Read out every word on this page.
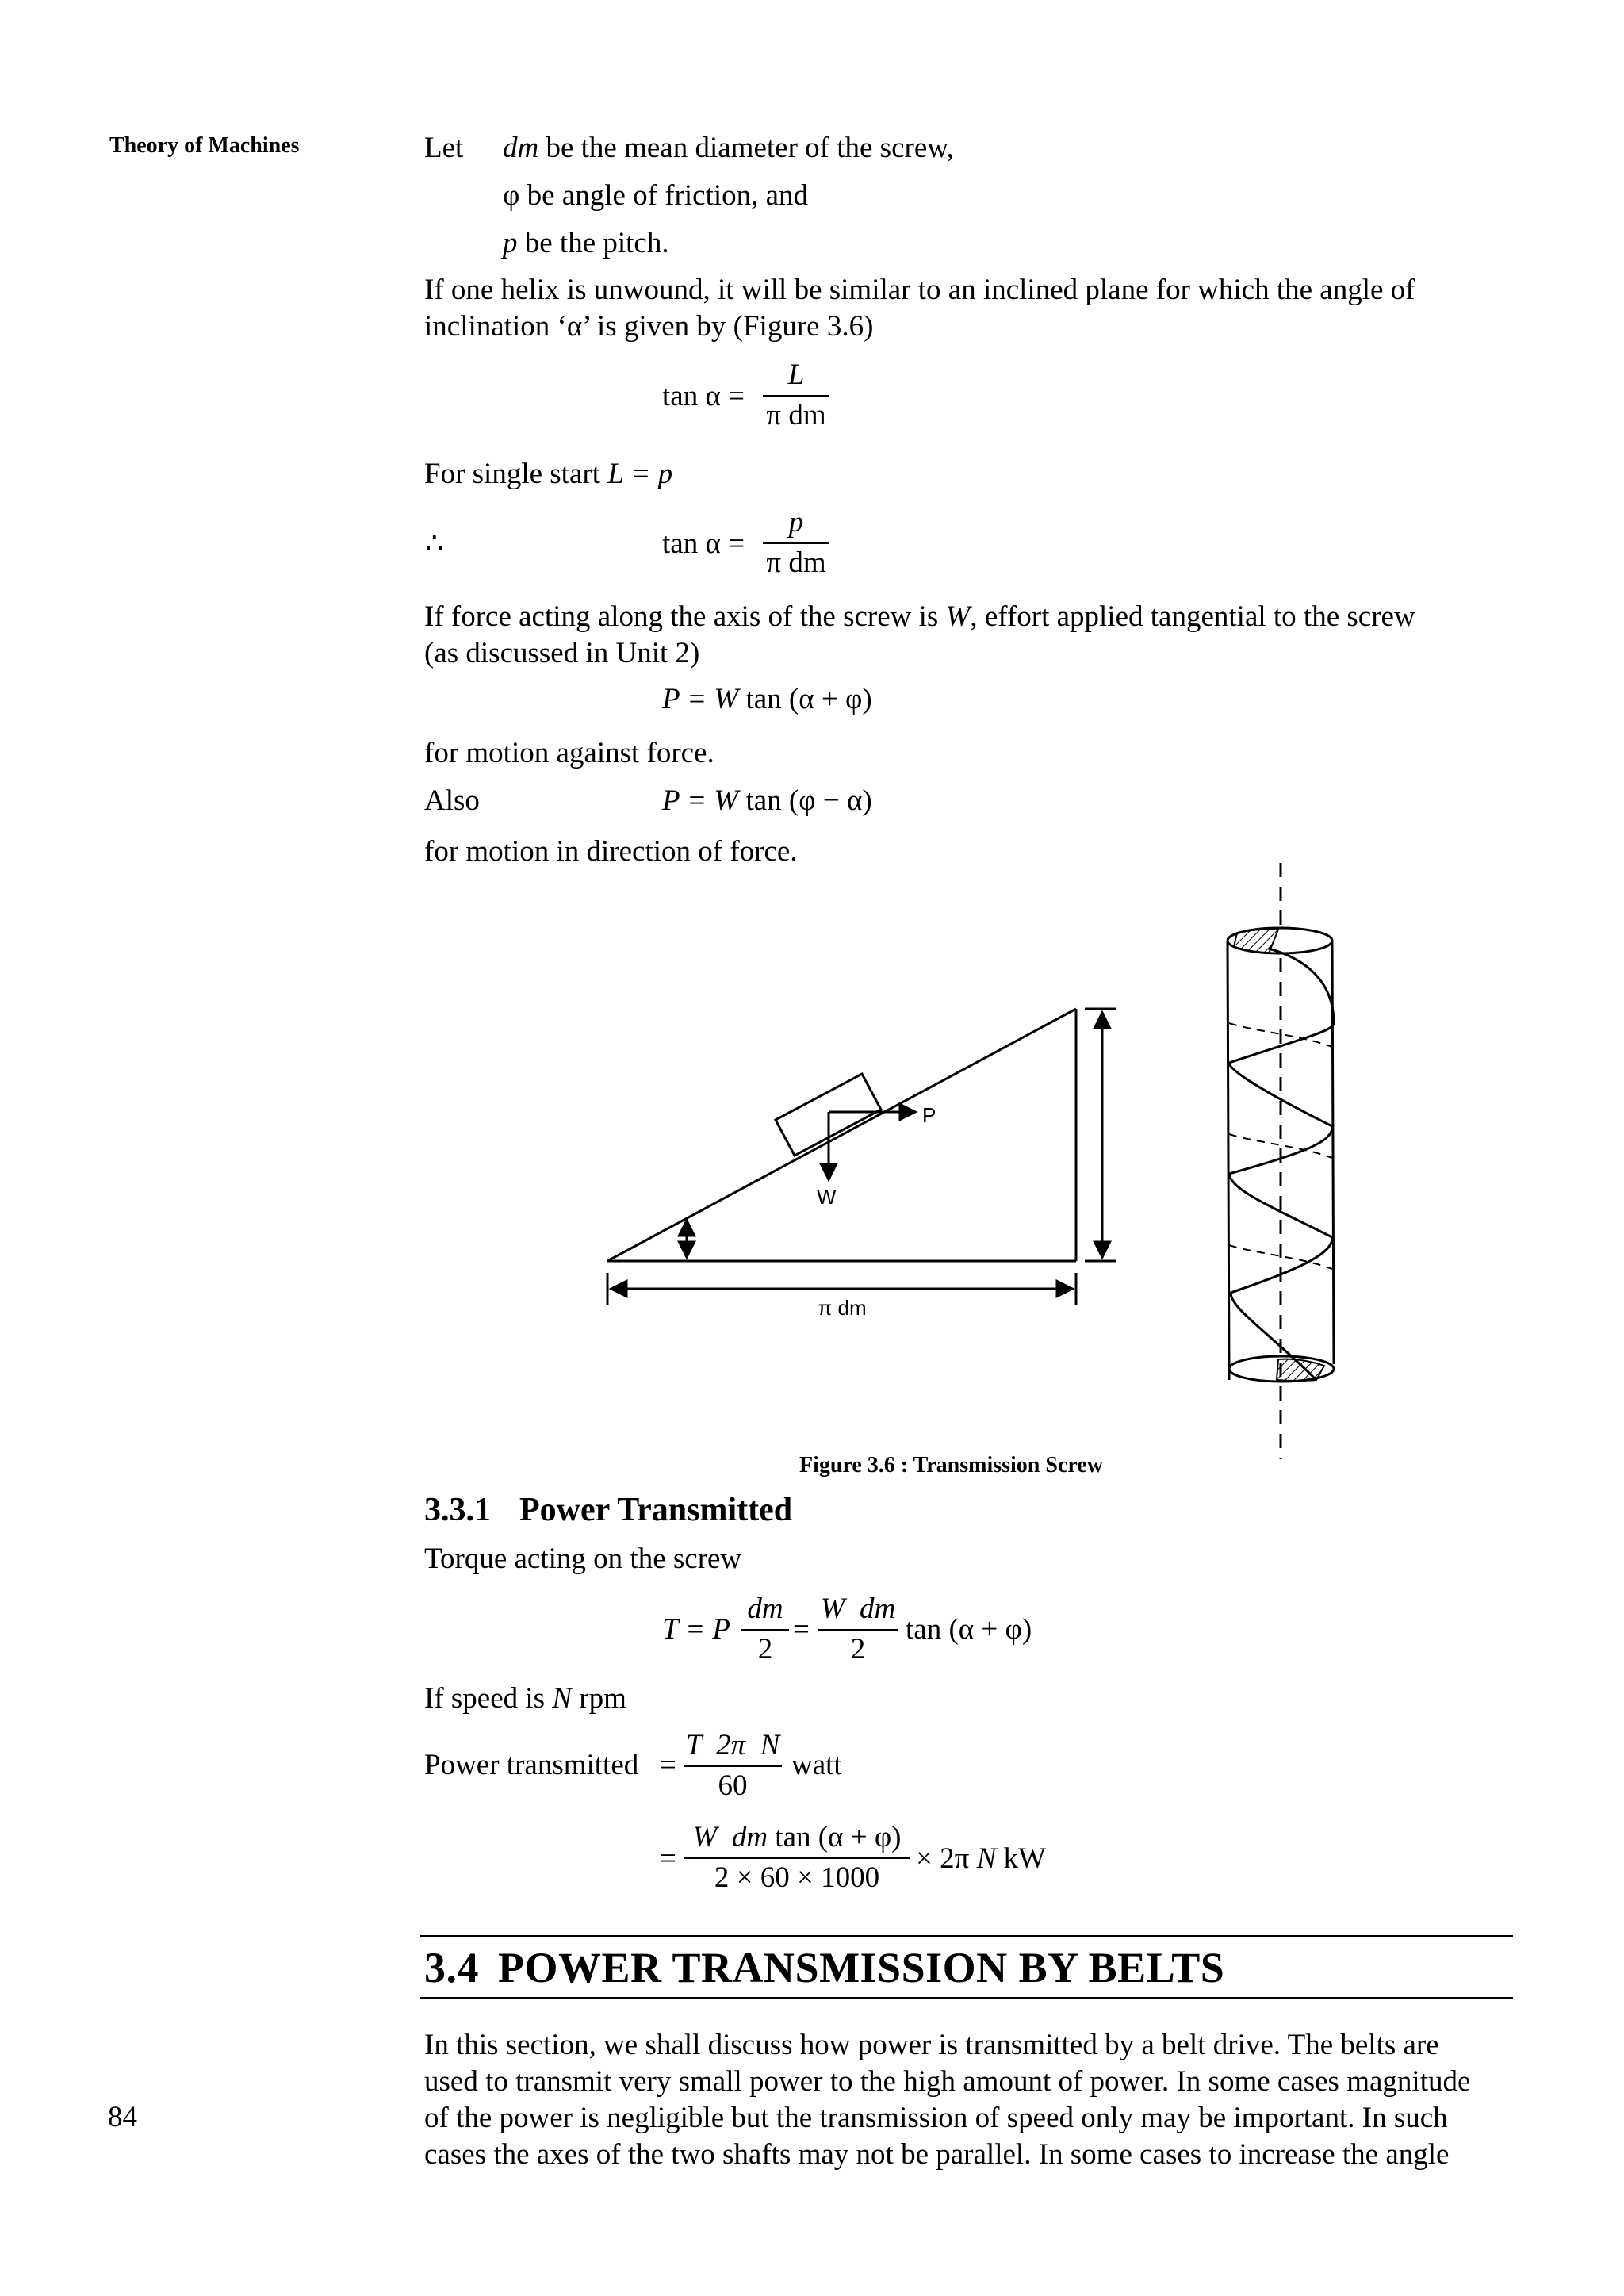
Theory of Machines
84
Let dm be the mean diameter of the screw,
φ be angle of friction, and
p be the pitch.
If one helix is unwound, it will be similar to an inclined plane for which the angle of
inclination ‘α’ is given by (Figure 3.6)
tan α =
L
π dm
For single start L = p
∴	tan α =
p
π dm
If force acting along the axis of the screw is W, effort applied tangential to the screw
(as discussed in Unit 2)
P = W tan (α + φ)
for motion against force.
Also	P = W tan (φ − α)
for motion in direction of force.
π dm
P
W
Figure 3.6 : Transmission Screw
3.3.1 Power Transmitted
Torque acting on the screw
T = P
dm
2
=
W  dm
2
tan (α + φ)
If speed is N rpm
Power transmitted =
T  2π  N
60
watt
=
W  dm tan (α + φ)
2 × 60 × 1000
× 2π N kW
3.4 POWER TRANSMISSION BY BELTS
In this section, we shall discuss how power is transmitted by a belt drive. The belts are
used to transmit very small power to the high amount of power. In some cases magnitude
of the power is negligible but the transmission of speed only may be important. In such
cases the axes of the two shafts may not be parallel. In some cases to increase the angle
